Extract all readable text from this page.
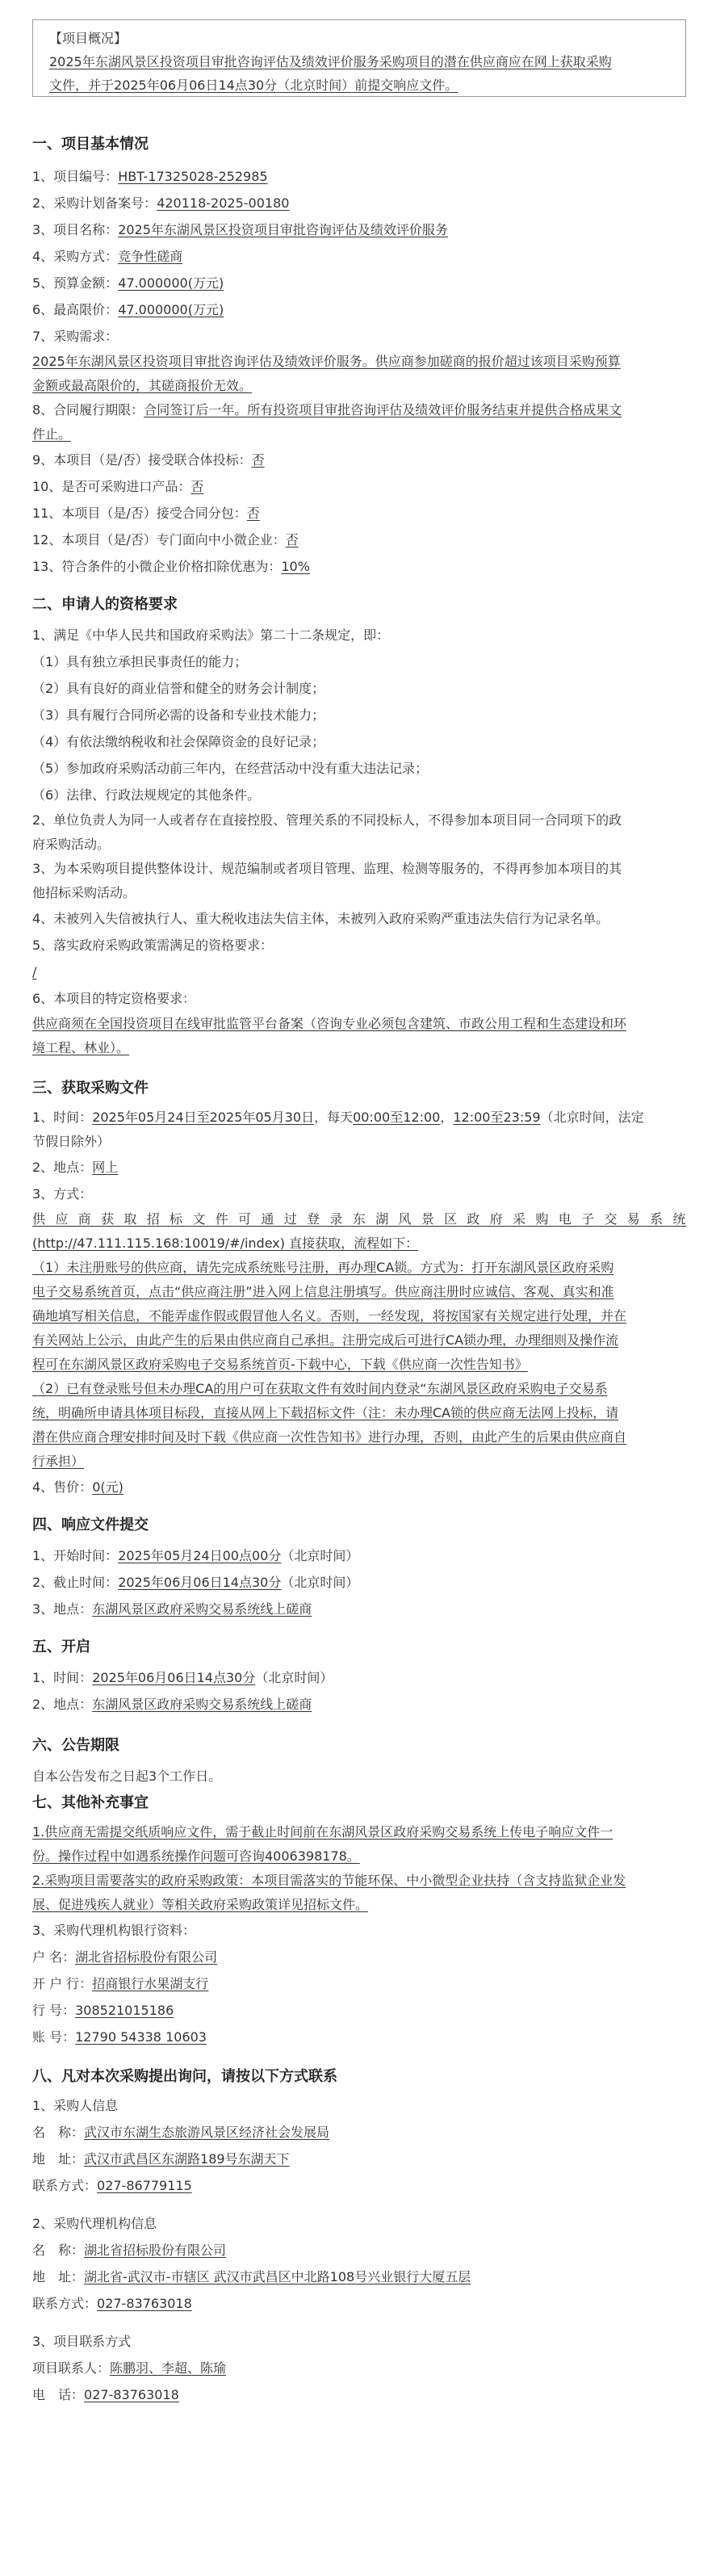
【项目概况】
2025年东湖风景区投资项目审批咨询评估及绩效评价服务采购项目的潜在供应商应在网上获取采购
文件，并于2025年06月06日14点30分（北京时间）前提交响应文件。

一、项目基本情况

1、项目编号：HBT-17325028-252985

2、采购计划备案号：420118-2025-00180

3、项目名称：2025年东湖风景区投资项目审批咨询评估及绩效评价服务

4、采购方式：竞争性磋商

5、预算金额：47.000000(万元)

6、最高限价：47.000000(万元)

7、采购需求：

2025年东湖风景区投资项目审批咨询评估及绩效评价服务。供应商参加磋商的报价超过该项目采购预算

金额或最高限价的，其磋商报价无效。

8、合同履行期限：合同签订后一年。所有投资项目审批咨询评估及绩效评价服务结束并提供合格成果文

件止。

9、本项目（是/否）接受联合体投标：否

10、是否可采购进口产品：否

11、本项目（是/否）接受合同分包：否

12、本项目（是/否）专门面向中小微企业：否

13、符合条件的小微企业价格扣除优惠为：10%

二、申请人的资格要求

1、满足《中华人民共和国政府采购法》第二十二条规定，即：

（1）具有独立承担民事责任的能力；

（2）具有良好的商业信誉和健全的财务会计制度；

（3）具有履行合同所必需的设备和专业技术能力；

（4）有依法缴纳税收和社会保障资金的良好记录；

（5）参加政府采购活动前三年内，在经营活动中没有重大违法记录；

（6）法律、行政法规规定的其他条件。

2、单位负责人为同一人或者存在直接控股、管理关系的不同投标人，不得参加本项目同一合同项下的政

府采购活动。

3、为本采购项目提供整体设计、规范编制或者项目管理、监理、检测等服务的，不得再参加本项目的其

他招标采购活动。

4、未被列入失信被执行人、重大税收违法失信主体，未被列入政府采购严重违法失信行为记录名单。

5、落实政府采购政策需满足的资格要求：

/

6、本项目的特定资格要求：

供应商须在全国投资项目在线审批监管平台备案（咨询专业必须包含建筑、市政公用工程和生态建设和环

境工程、林业）。

三、获取采购文件

1、时间：2025年05月24日至2025年05月30日，每天00:00至12:00，12:00至23:59（北京时间，法定

节假日除外）

2、地点：网上

3、方式：

供应商获取招标文件可通过登录东湖风景区政府采购电子交易系统

(http://47.111.115.168:10019/#/index) 直接获取，流程如下：

（1）未注册账号的供应商，请先完成系统账号注册，再办理CA锁。方式为：打开东湖风景区政府采购

电子交易系统首页，点击“供应商注册”进入网上信息注册填写。供应商注册时应诚信、客观、真实和准

确地填写相关信息，不能弄虚作假或假冒他人名义。否则，一经发现，将按国家有关规定进行处理，并在

有关网站上公示，由此产生的后果由供应商自己承担。注册完成后可进行CA锁办理，办理细则及操作流

程可在东湖风景区政府采购电子交易系统首页-下载中心，下载《供应商一次性告知书》

（2）已有登录账号但未办理CA的用户可在获取文件有效时间内登录“东湖风景区政府采购电子交易系

统，明确所申请具体项目标段，直接从网上下载招标文件（注：未办理CA锁的供应商无法网上投标，请

潜在供应商合理安排时间及时下载《供应商一次性告知书》进行办理，否则，由此产生的后果由供应商自

行承担）

4、售价：0(元)

四、响应文件提交

1、开始时间：2025年05月24日00点00分（北京时间）

2、截止时间：2025年06月06日14点30分（北京时间）

3、地点：东湖风景区政府采购交易系统线上磋商

五、开启

1、时间：2025年06月06日14点30分（北京时间）

2、地点：东湖风景区政府采购交易系统线上磋商

六、公告期限

自本公告发布之日起3个工作日。

七、其他补充事宜

1.供应商无需提交纸质响应文件，需于截止时间前在东湖风景区政府采购交易系统上传电子响应文件一

份。操作过程中如遇系统操作问题可咨询4006398178。

2.采购项目需要落实的政府采购政策：本项目需落实的节能环保、中小微型企业扶持（含支持监狱企业发

展、促进残疾人就业）等相关政府采购政策详见招标文件。

3、采购代理机构银行资料：

户 名：湖北省招标股份有限公司

开 户 行：招商银行水果湖支行

行 号：308521015186

账 号：12790 54338 10603

八、凡对本次采购提出询问，请按以下方式联系

1、采购人信息

名　称：武汉市东湖生态旅游风景区经济社会发展局

地　址：武汉市武昌区东湖路189号东湖天下

联系方式：027-86779115

2、采购代理机构信息

名　称：湖北省招标股份有限公司

地　址：湖北省-武汉市-市辖区 武汉市武昌区中北路108号兴业银行大厦五层

联系方式：027-83763018

3、项目联系方式

项目联系人：陈鹏羽、李超、陈瑜

电　话：027-83763018
